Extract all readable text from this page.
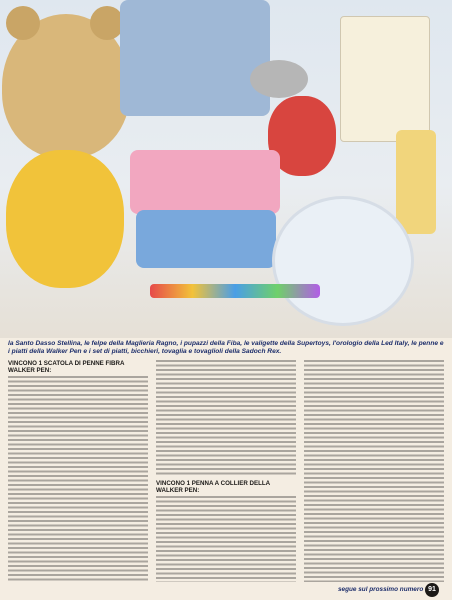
la Santo Dasso Stellina, le felpe della Maglieria Ragno, i pupazzi della Fiba, le valigette della Supertoys, l'orologio della Led Italy, le penne e i piatti della Walker Pen e i set di piatti, bicchieri, tovaglia e tovaglioli della Sadoch Rex.
VINCONO 1 SCATOLA DI PENNE FIBRA WALKER PEN:
VINCONO 1 PENNA A COLLIER DELLA WALKER PEN:
segue sul prossimo numero 91
